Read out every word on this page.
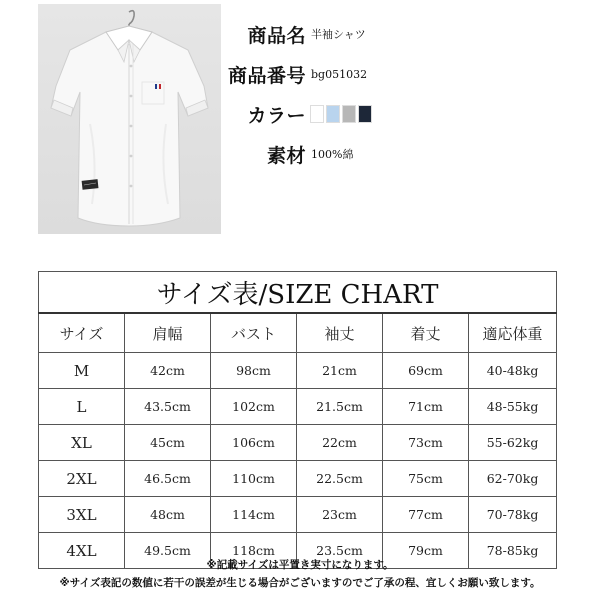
商品名 半袖シャツ
商品番号 bg051032
カラー
素材 100%綿
サイズ表/SIZE CHART					
サイズ	肩幅	バスト	袖丈	着丈	適応体重
M	42cm	98cm	21cm	69cm	40-48kg
L	43.5cm	102cm	21.5cm	71cm	48-55kg
XL	45cm	106cm	22cm	73cm	55-62kg
2XL	46.5cm	110cm	22.5cm	75cm	62-70kg
3XL	48cm	114cm	23cm	77cm	70-78kg
4XL	49.5cm	118cm	23.5cm	79cm	78-85kg
※記載サイズは平置き実寸になります。
※サイズ表記の数値に若干の誤差が生じる場合がございますのでご了承の程、宜しくお願い致します。
